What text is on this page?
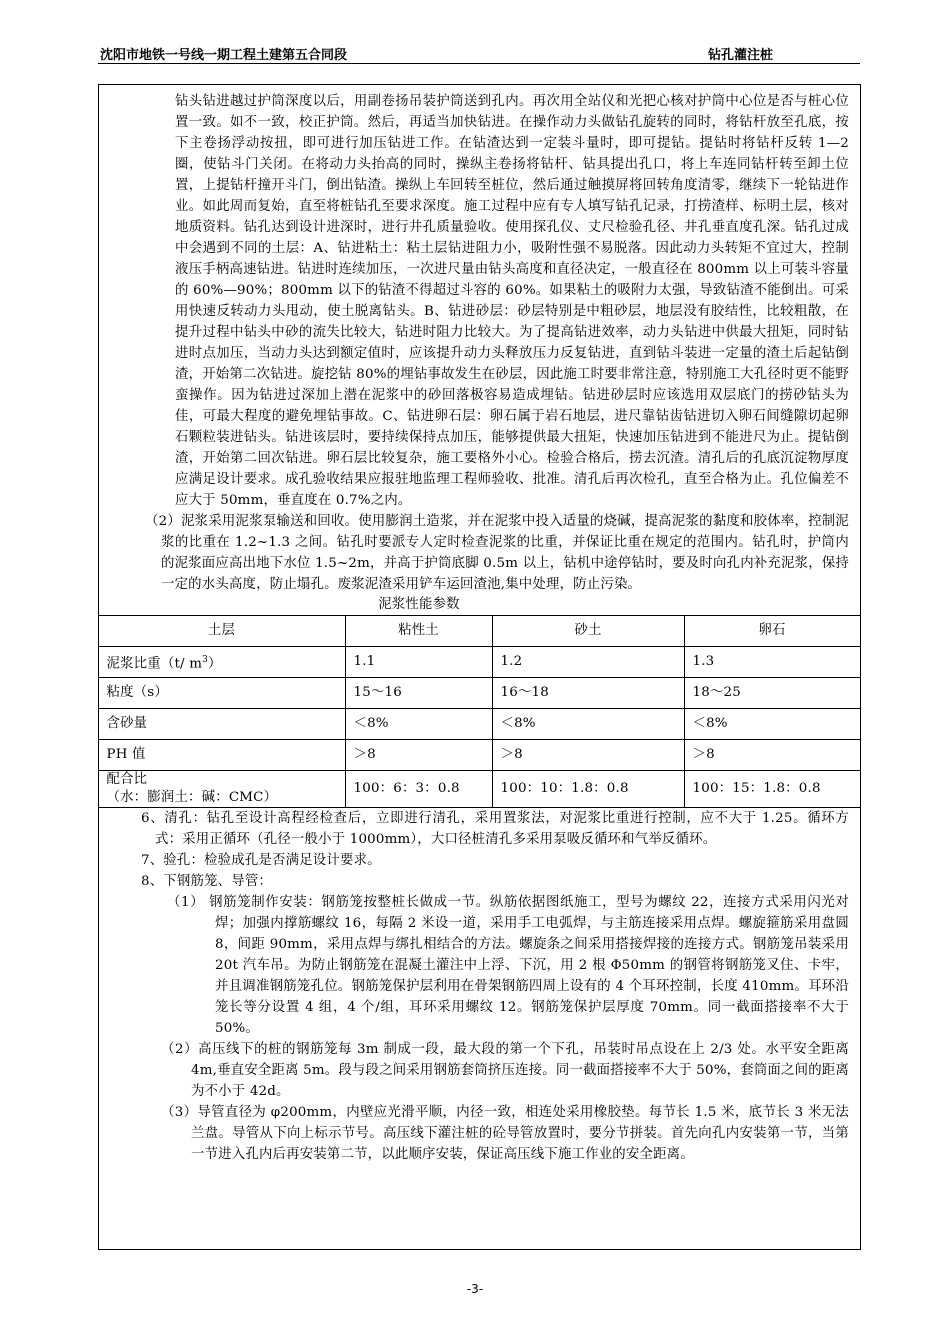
沈阳市地铁一号线一期工程土建第五合同段	钻孔灌注桩

钻头钻进越过护筒深度以后，用副卷扬吊装护筒送到孔内。再次用全站仪和光把心核对护筒中心位是否与桩心位置一致。如不一致，校正护筒。然后，再适当加快钻进。在操作动力头做钻孔旋转的同时，将钻杆放至孔底，按下主卷扬浮动按扭，即可进行加压钻进工作。在钻渣达到一定装斗量时，即可提钻。提钻时将钻杆反转 1—2 圈，使钻斗门关闭。在将动力头抬高的同时，操纵主卷扬将钻杆、钻具提出孔口，将上车连同钻杆转至卸土位置，上提钻杆撞开斗门，倒出钻渣。操纵上车回转至桩位，然后通过触摸屏将回转角度清零，继续下一轮钻进作业。如此周而复始，直至将桩钻孔至要求深度。施工过程中应有专人填写钻孔记录，打捞渣样、标明土层，核对地质资料。钻孔达到设计进深时，进行井孔质量验收。使用探孔仪、丈尺检验孔径、井孔垂直度孔深。钻孔过成中会遇到不同的土层：A、钻进粘土：粘土层钻进阻力小，吸附性强不易脱落。因此动力头转矩不宜过大，控制液压手柄高速钻进。钻进时连续加压，一次进尺量由钻头高度和直径决定，一般直径在 800mm 以上可装斗容量的 60%—90%；800mm 以下的钻渣不得超过斗容的 60%。如果粘土的吸附力太强，导致钻渣不能倒出。可采用快速反转动力头甩动，使土脱离钻头。B、钻进砂层：砂层特别是中粗砂层，地层没有胶结性，比较粗散，在提升过程中钻头中砂的流失比较大，钻进时阻力比较大。为了提高钻进效率，动力头钻进中供最大扭矩，同时钻进时点加压，当动力头达到额定值时，应该提升动力头释放压力反复钻进，直到钻斗装进一定量的渣土后起钻倒渣，开始第二次钻进。旋挖钻 80%的埋钻事故发生在砂层，因此施工时要非常注意，特别施工大孔径时更不能野蛮操作。因为钻进过深加上潜在泥浆中的砂回落极容易造成埋钻。钻进砂层时应该选用双层底门的捞砂钻头为佳，可最大程度的避免埋钻事故。C、钻进卵石层：卵石属于岩石地层，进尺靠钻齿钻进切入卵石间缝隙切起卵石颗粒装进钻头。钻进该层时，要持续保持点加压，能够提供最大扭矩，快速加压钻进到不能进尺为止。提钻倒渣，开始第二回次钻进。卵石层比较复杂，施工要格外小心。检验合格后，捞去沉渣。清孔后的孔底沉淀物厚度应满足设计要求。成孔验收结果应报驻地监理工程师验收、批准。清孔后再次检孔，直至合格为止。孔位偏差不应大于 50mm，垂直度在 0.7%之内。

（2）泥浆采用泥浆泵输送和回收。使用膨润土造浆，并在泥浆中投入适量的烧碱，提高泥浆的黏度和胶体率，控制泥浆的比重在 1.2~1.3 之间。钻孔时要派专人定时检查泥浆的比重，并保证比重在规定的范围内。钻孔时，护筒内的泥浆面应高出地下水位 1.5~2m，并高于护筒底脚 0.5m 以上，钻机中途停钻时，要及时向孔内补充泥浆，保持一定的水头高度，防止塌孔。废浆泥渣采用铲车运回渣池,集中处理，防止污染。

泥浆性能参数
土层	粘性土	砂土	卵石
泥浆比重（t/ $m^3$）	1.1	1.2	1.3
粘度（s）	15～16	16～18	18～25
含砂量	＜8%	＜8%	＜8%
PH 值	＞8	＞8	＞8
配合比
（水：膨润土：碱：CMC）	100：6：3：0.8	100：10：1.8：0.8	100：15：1.8：0.8

6、清孔：钻孔至设计高程经检查后，立即进行清孔，采用置浆法，对泥浆比重进行控制，应不大于 1.25。循环方式：采用正循环（孔径一般小于 1000mm），大口径桩清孔多采用泵吸反循环和气举反循环。

7、验孔：检验成孔是否满足设计要求。

8、下钢筋笼、导管：

（1） 钢筋笼制作安装：钢筋笼按整桩长做成一节。纵筋依据图纸施工，型号为螺纹 22，连接方式采用闪光对焊；加强内撑筋螺纹 16，每隔 2 米设一道，采用手工电弧焊，与主筋连接采用点焊。螺旋箍筋采用盘圆 8，间距 90mm，采用点焊与绑扎相结合的方法。螺旋条之间采用搭接焊接的连接方式。钢筋笼吊装采用 20t 汽车吊。为防止钢筋笼在混凝土灌注中上浮、下沉，用 2 根 Φ50mm 的钢管将钢筋笼叉住、卡牢，并且调准钢筋笼孔位。钢筋笼保护层利用在骨架钢筋四周上设有的 4 个耳环控制，长度 410mm。耳环沿笼长等分设置 4 组，4 个/组，耳环采用螺纹 12。钢筋笼保护层厚度 70mm。同一截面搭接率不大于 50%。

（2）高压线下的桩的钢筋笼每 3m 制成一段，最大段的第一个下孔，吊装时吊点设在上 2/3 处。水平安全距离 4m,垂直安全距离 5m。段与段之间采用钢筋套筒挤压连接。同一截面搭接率不大于 50%，套筒面之间的距离为不小于 42d。

（3）导管直径为 φ200mm，内壁应光滑平顺，内径一致，相连处采用橡胶垫。每节长 1.5 米，底节长 3 米无法兰盘。导管从下向上标示节号。高压线下灌注桩的砼导管放置时，要分节拼装。首先向孔内安装第一节，当第一节进入孔内后再安装第二节，以此顺序安装，保证高压线下施工作业的安全距离。

-3-
